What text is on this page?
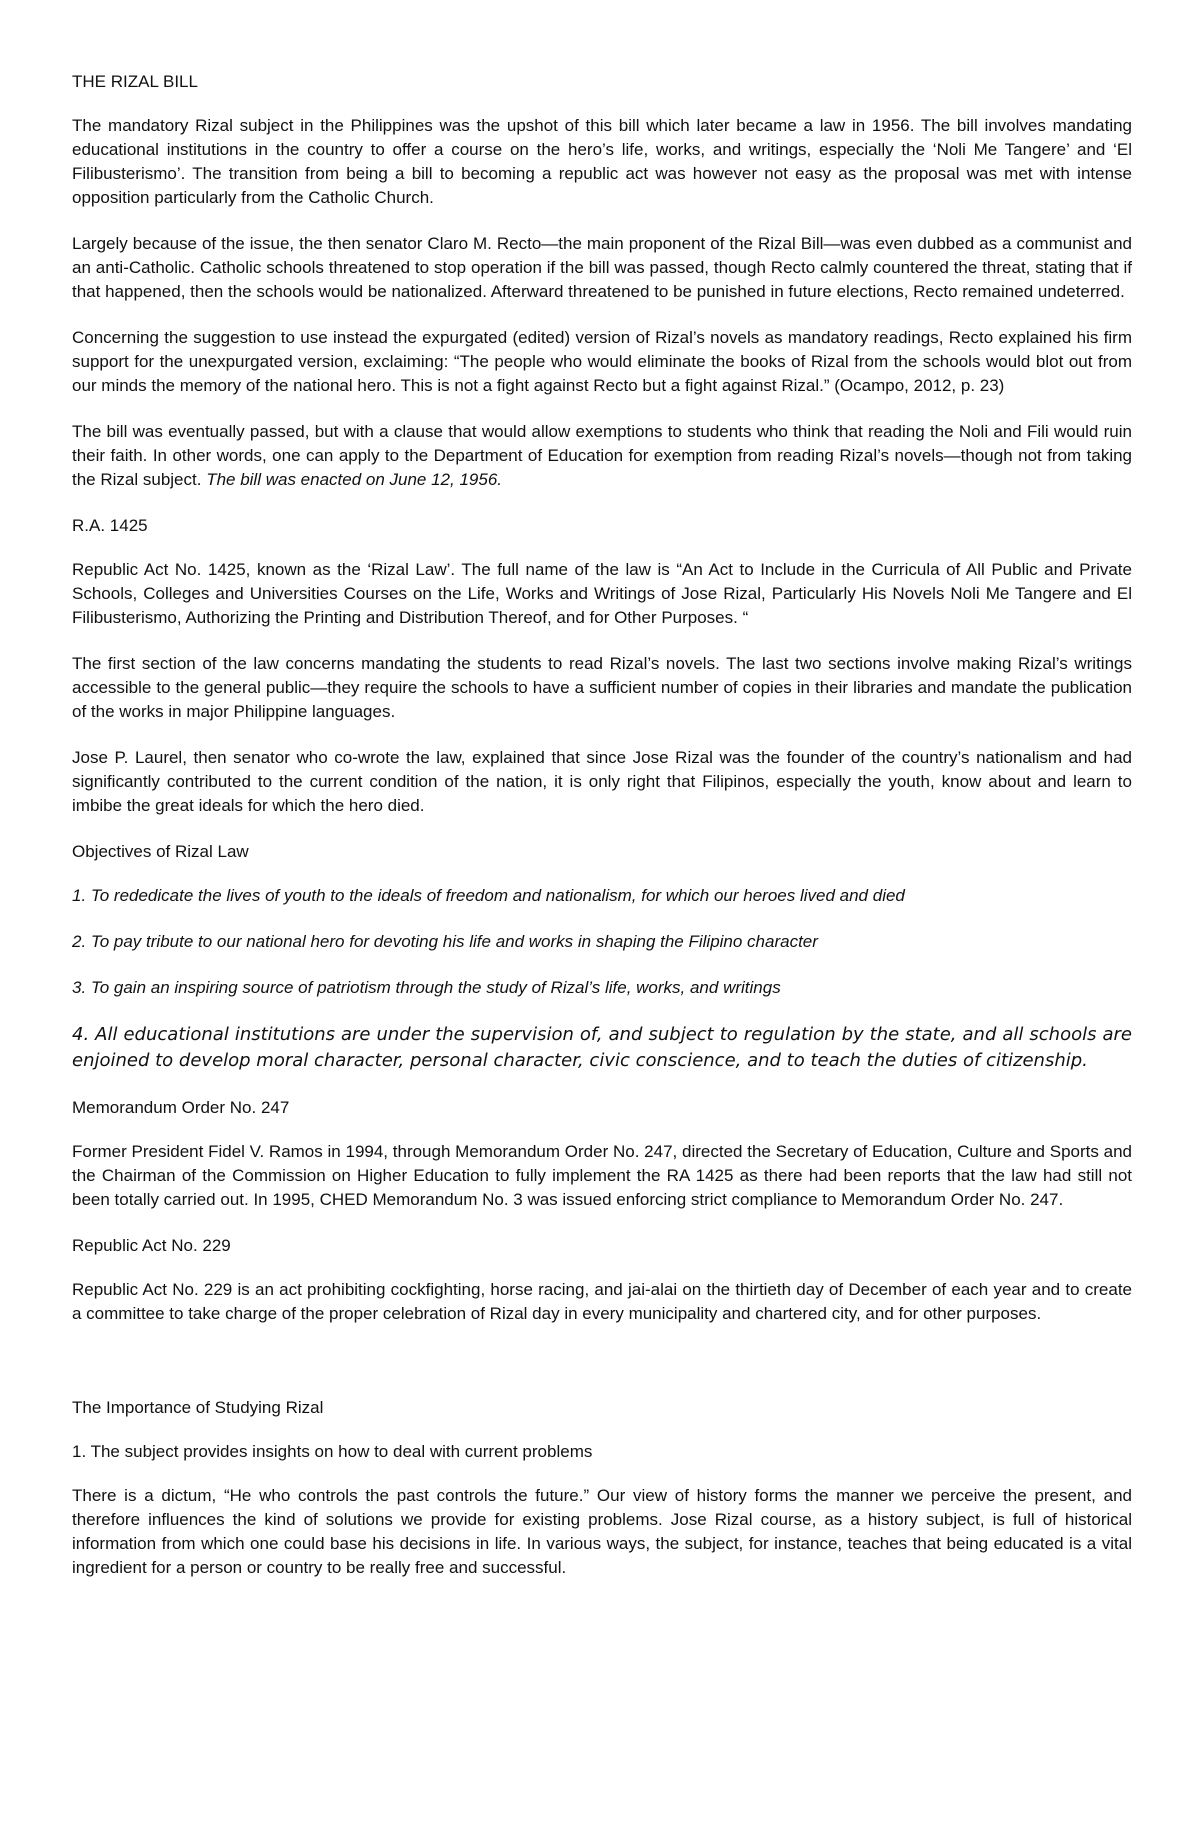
THE RIZAL BILL

The mandatory Rizal subject in the Philippines was the upshot of this bill which later became a law in 1956. The bill involves mandating educational institutions in the country to offer a course on the hero’s life, works, and writings, especially the ‘Noli Me Tangere’ and ‘El Filibusterismo’. The transition from being a bill to becoming a republic act was however not easy as the proposal was met with intense opposition particularly from the Catholic Church.

Largely because of the issue, the then senator Claro M. Recto—the main proponent of the Rizal Bill—was even dubbed as a communist and an anti-Catholic. Catholic schools threatened to stop operation if the bill was passed, though Recto calmly countered the threat, stating that if that happened, then the schools would be nationalized. Afterward threatened to be punished in future elections, Recto remained undeterred.

Concerning the suggestion to use instead the expurgated (edited) version of Rizal’s novels as mandatory readings, Recto explained his firm support for the unexpurgated version, exclaiming: “The people who would eliminate the books of Rizal from the schools would blot out from our minds the memory of the national hero. This is not a fight against Recto but a fight against Rizal.” (Ocampo, 2012, p. 23)

The bill was eventually passed, but with a clause that would allow exemptions to students who think that reading the Noli and Fili would ruin their faith. In other words, one can apply to the Department of Education for exemption from reading Rizal’s novels—though not from taking the Rizal subject. The bill was enacted on June 12, 1956.

R.A. 1425

Republic Act No. 1425, known as the ‘Rizal Law’. The full name of the law is “An Act to Include in the Curricula of All Public and Private Schools, Colleges and Universities Courses on the Life, Works and Writings of Jose Rizal, Particularly His Novels Noli Me Tangere and El Filibusterismo, Authorizing the Printing and Distribution Thereof, and for Other Purposes. “

The first section of the law concerns mandating the students to read Rizal’s novels. The last two sections involve making Rizal’s writings accessible to the general public—they require the schools to have a sufficient number of copies in their libraries and mandate the publication of the works in major Philippine languages.

Jose P. Laurel, then senator who co-wrote the law, explained that since Jose Rizal was the founder of the country’s nationalism and had significantly contributed to the current condition of the nation, it is only right that Filipinos, especially the youth, know about and learn to imbibe the great ideals for which the hero died.

Objectives of Rizal Law

1. To rededicate the lives of youth to the ideals of freedom and nationalism, for which our heroes lived and died

2. To pay tribute to our national hero for devoting his life and works in shaping the Filipino character

3. To gain an inspiring source of patriotism through the study of Rizal’s life, works, and writings

4. All educational institutions are under the supervision of, and subject to regulation by the state, and all schools are enjoined to develop moral character, personal character, civic conscience, and to teach the duties of citizenship.

Memorandum Order No. 247

Former President Fidel V. Ramos in 1994, through Memorandum Order No. 247, directed the Secretary of Education, Culture and Sports and the Chairman of the Commission on Higher Education to fully implement the RA 1425 as there had been reports that the law had still not been totally carried out. In 1995, CHED Memorandum No. 3 was issued enforcing strict compliance to Memorandum Order No. 247.

Republic Act No. 229

Republic Act No. 229 is an act prohibiting cockfighting, horse racing, and jai-alai on the thirtieth day of December of each year and to create a committee to take charge of the proper celebration of Rizal day in every municipality and chartered city, and for other purposes.

The Importance of Studying Rizal

1. The subject provides insights on how to deal with current problems

There is a dictum, “He who controls the past controls the future.” Our view of history forms the manner we perceive the present, and therefore influences the kind of solutions we provide for existing problems. Jose Rizal course, as a history subject, is full of historical information from which one could base his decisions in life. In various ways, the subject, for instance, teaches that being educated is a vital ingredient for a person or country to be really free and successful.
